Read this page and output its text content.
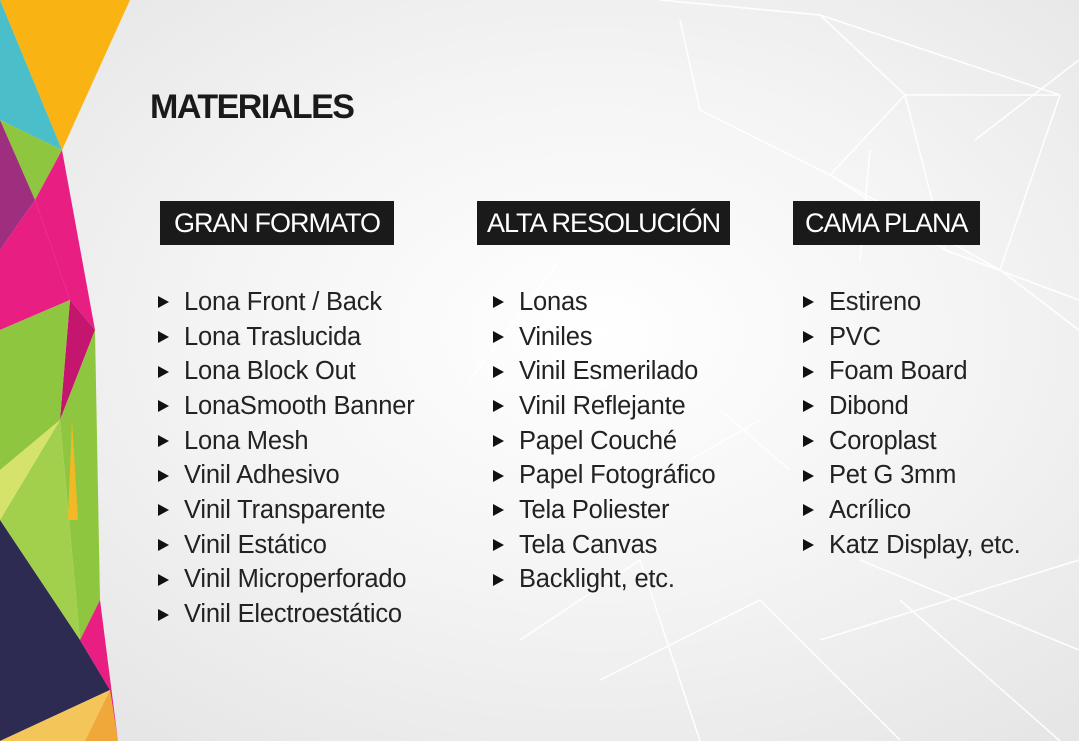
MATERIALES
GRAN FORMATO
Lona Front / Back
Lona Traslucida
Lona Block Out
LonaSmooth Banner
Lona Mesh
Vinil Adhesivo
Vinil Transparente
Vinil Estático
Vinil Microperforado
Vinil Electroestático
ALTA RESOLUCIÓN
Lonas
Viniles
Vinil Esmerilado
Vinil Reflejante
Papel Couché
Papel Fotográfico
Tela Poliester
Tela Canvas
Backlight, etc.
CAMA PLANA
Estireno
PVC
Foam Board
Dibond
Coroplast
Pet G 3mm
Acrílico
Katz Display, etc.
